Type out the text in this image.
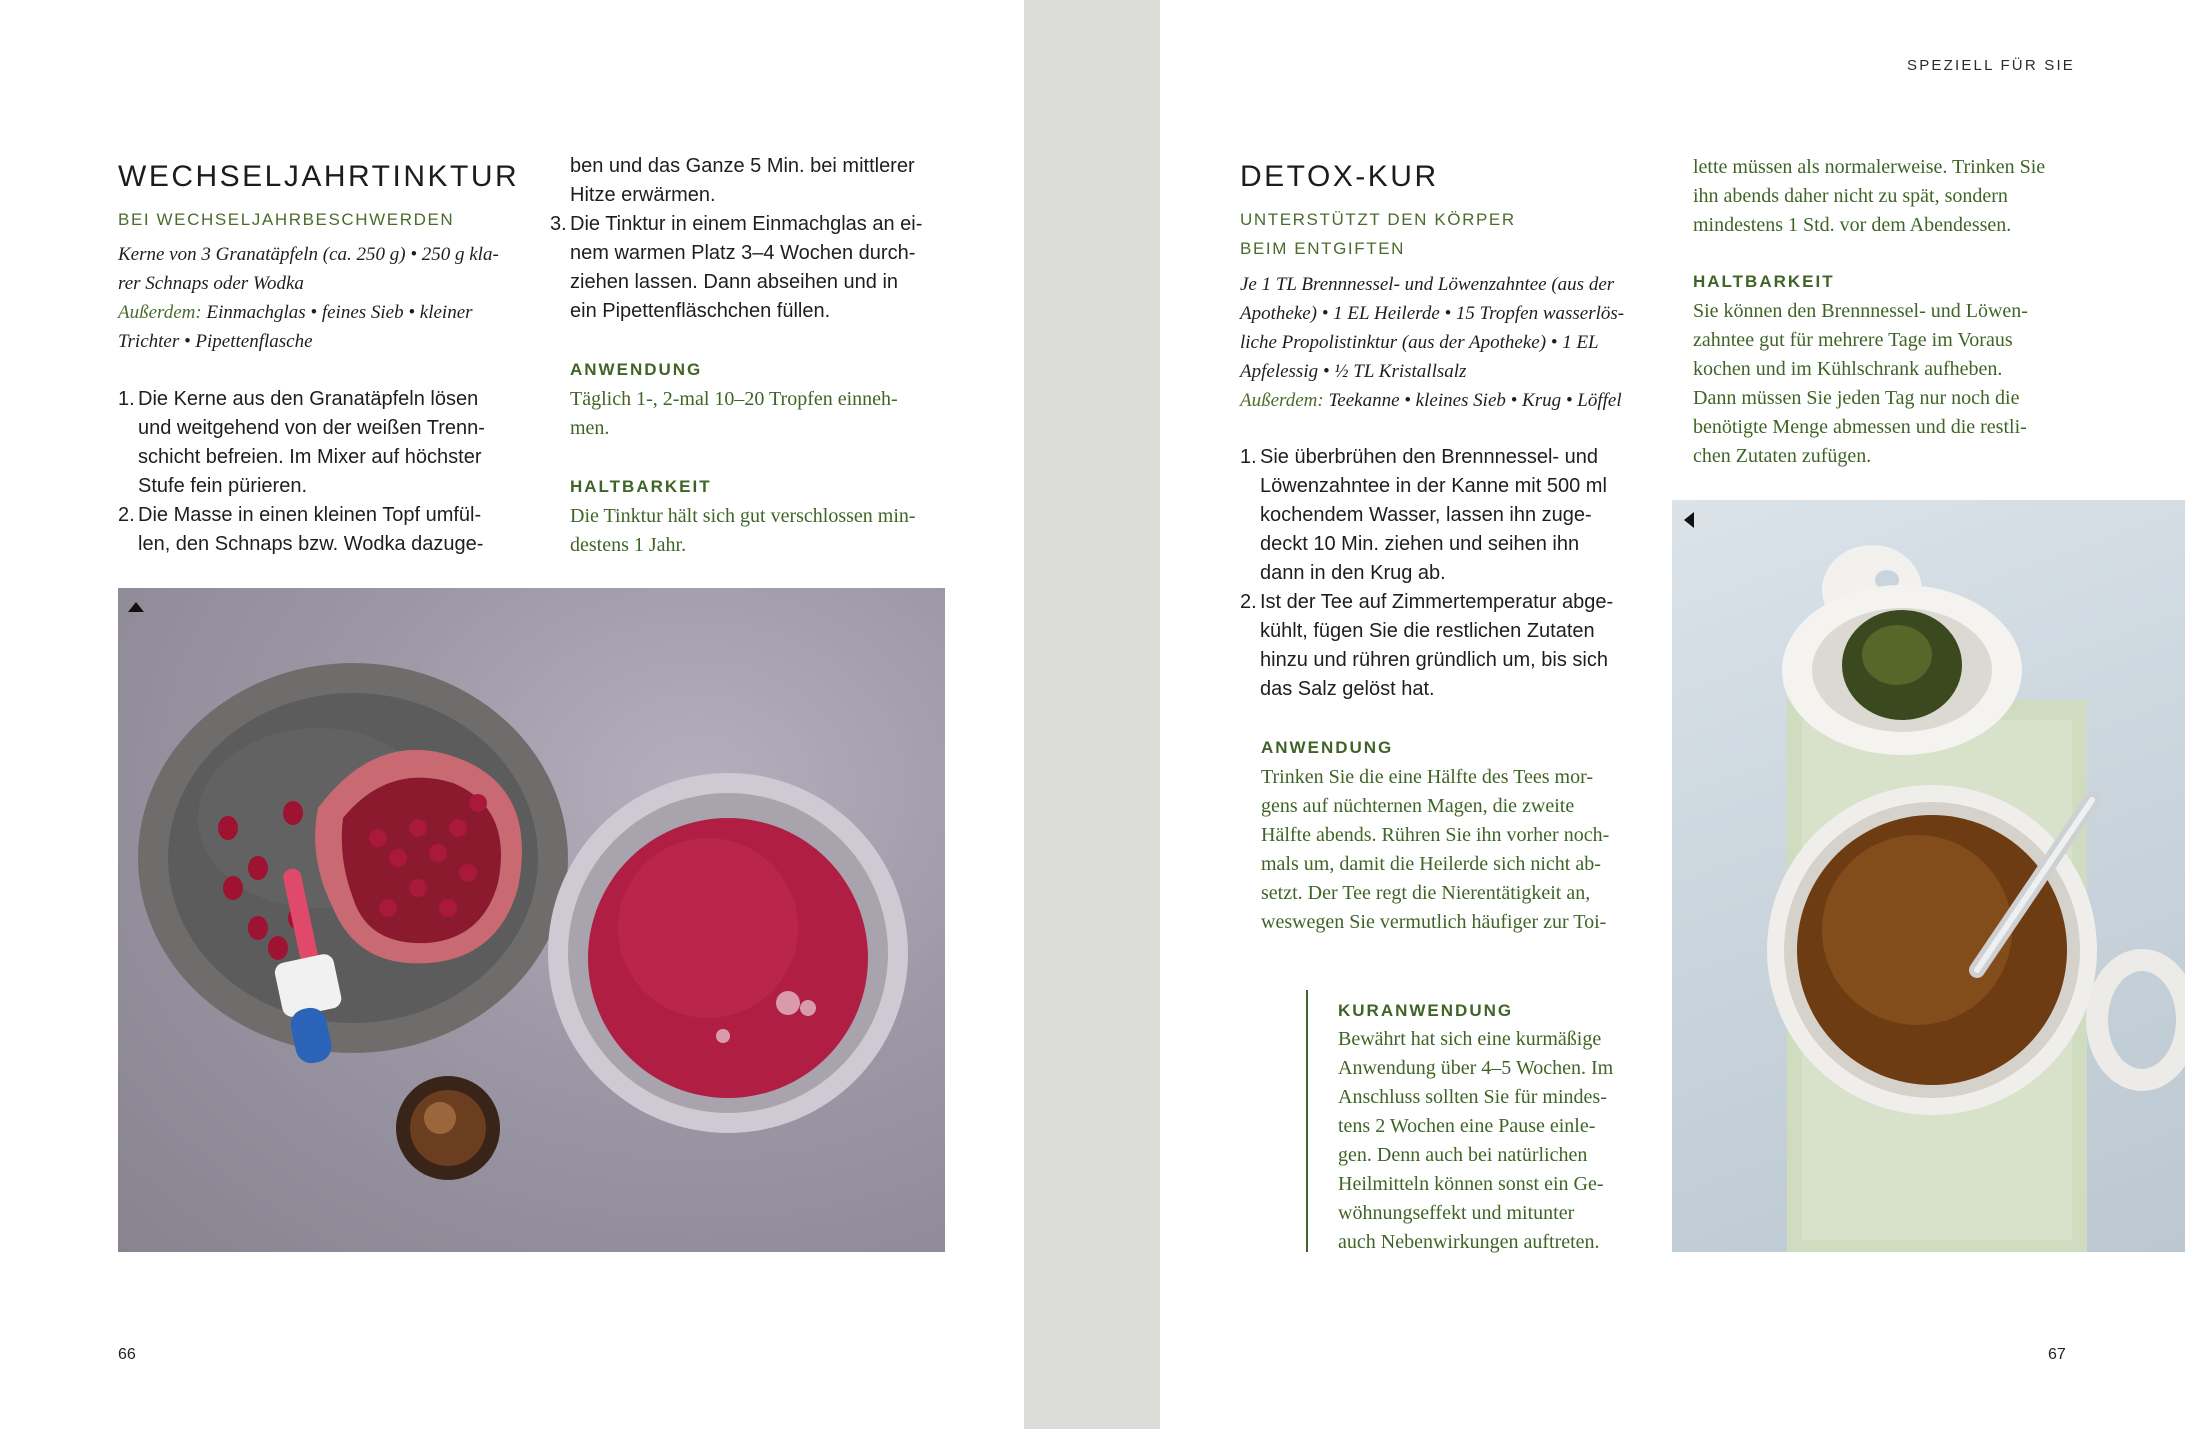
WECHSELJAHRTINKTUR
BEI WECHSELJAHRBESCHWERDEN
Kerne von 3 Granatäpfeln (ca. 250 g) • 250 g kla-
rer Schnaps oder Wodka
Außerdem: Einmachglas • feines Sieb • kleiner
Trichter • Pipettenflasche
1. Die Kerne aus den Granatäpfeln lösen
und weitgehend von der weißen Trenn-
schicht befreien. Im Mixer auf höchster
Stufe fein pürieren.
2. Die Masse in einen kleinen Topf umfül-
len, den Schnaps bzw. Wodka dazuge-
ben und das Ganze 5 Min. bei mittlerer
Hitze erwärmen.
3. Die Tinktur in einem Einmachglas an ei-
nem warmen Platz 3–4 Wochen durch-
ziehen lassen. Dann abseihen und in
ein Pipettenfläschchen füllen.
ANWENDUNG
Täglich 1-, 2-mal 10–20 Tropfen einneh-
men.
HALTBARKEIT
Die Tinktur hält sich gut verschlossen min-
destens 1 Jahr.
66
SPEZIELL FÜR SIE
DETOX-KUR
UNTERSTÜTZT DEN KÖRPER
BEIM ENTGIFTEN
Je 1 TL Brennnessel- und Löwenzahntee (aus der
Apotheke) • 1 EL Heilerde • 15 Tropfen wasserlös-
liche Propolistinktur (aus der Apotheke) • 1 EL
Apfelessig • ½ TL Kristallsalz
Außerdem: Teekanne • kleines Sieb • Krug • Löffel
1. Sie überbrühen den Brennnessel- und
Löwenzahntee in der Kanne mit 500 ml
kochendem Wasser, lassen ihn zuge-
deckt 10 Min. ziehen und seihen ihn
dann in den Krug ab.
2. Ist der Tee auf Zimmertemperatur abge-
kühlt, fügen Sie die restlichen Zutaten
hinzu und rühren gründlich um, bis sich
das Salz gelöst hat.
ANWENDUNG
Trinken Sie die eine Hälfte des Tees mor-
gens auf nüchternen Magen, die zweite
Hälfte abends. Rühren Sie ihn vorher noch-
mals um, damit die Heilerde sich nicht ab-
setzt. Der Tee regt die Nierentätigkeit an,
weswegen Sie vermutlich häufiger zur Toi-
KURANWENDUNG
Bewährt hat sich eine kurmäßige
Anwendung über 4–5 Wochen. Im
Anschluss sollten Sie für mindes-
tens 2 Wochen eine Pause einle-
gen. Denn auch bei natürlichen
Heilmitteln können sonst ein Ge-
wöhnungseffekt und mitunter
auch Nebenwirkungen auftreten.
lette müssen als normalerweise. Trinken Sie
ihn abends daher nicht zu spät, sondern
mindestens 1 Std. vor dem Abendessen.
HALTBARKEIT
Sie können den Brennnessel- und Löwen-
zahntee gut für mehrere Tage im Voraus
kochen und im Kühlschrank aufheben.
Dann müssen Sie jeden Tag nur noch die
benötigte Menge abmessen und die restli-
chen Zutaten zufügen.
67
